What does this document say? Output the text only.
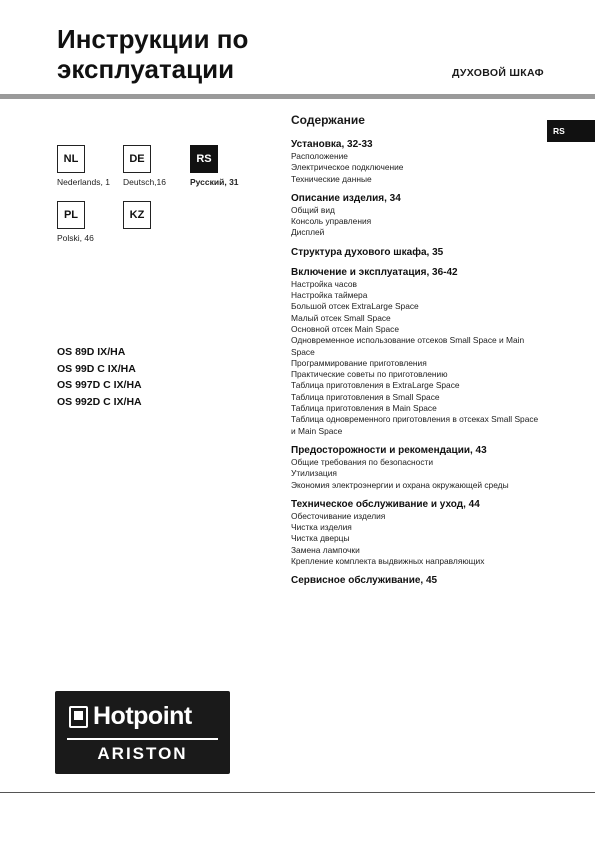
Инструкции по
эксплуатации	ДУХОВОЙ ШКАФ
NL
Nederlands, 1
DE
Deutsch,16
RS
Русский, 31
PL
Polski, 46
KZ
OS 89D IX/HA
OS 99D C IX/HA
OS 997D C IX/HA
OS 992D C IX/HA
RS
Содержание
Установка, 32-33
Расположение
Электрическое подключение
Технические данные
Описание изделия, 34
Общий вид
Консоль управления
Дисплей
Структура духового шкафа, 35
Включение и эксплуатация, 36-42
Настройка часов
Настройка таймера
Большой отсек ExtraLarge Space
Малый отсек Small Space
Основной отсек Main Space
Одновременное использование отсеков Small Space и Main Space
Программирование приготовления
Практические советы по приготовлению
Таблица приготовления в ExtraLarge Space
Таблица приготовления в Small Space
Таблица приготовления в Main Space
Таблица одновременного приготовления в отсеках Small Space и Main Space
Предосторожности и рекомендации, 43
Общие требования по безопасности
Утилизация
Экономия электроэнергии и охрана окружающей среды
Техническое обслуживание и уход, 44
Обесточивание изделия
Чистка изделия
Чистка дверцы
Замена лампочки
Крепление комплекта выдвижных направляющих
Сервисное обслуживание, 45
Hotpoint
ARISTON
